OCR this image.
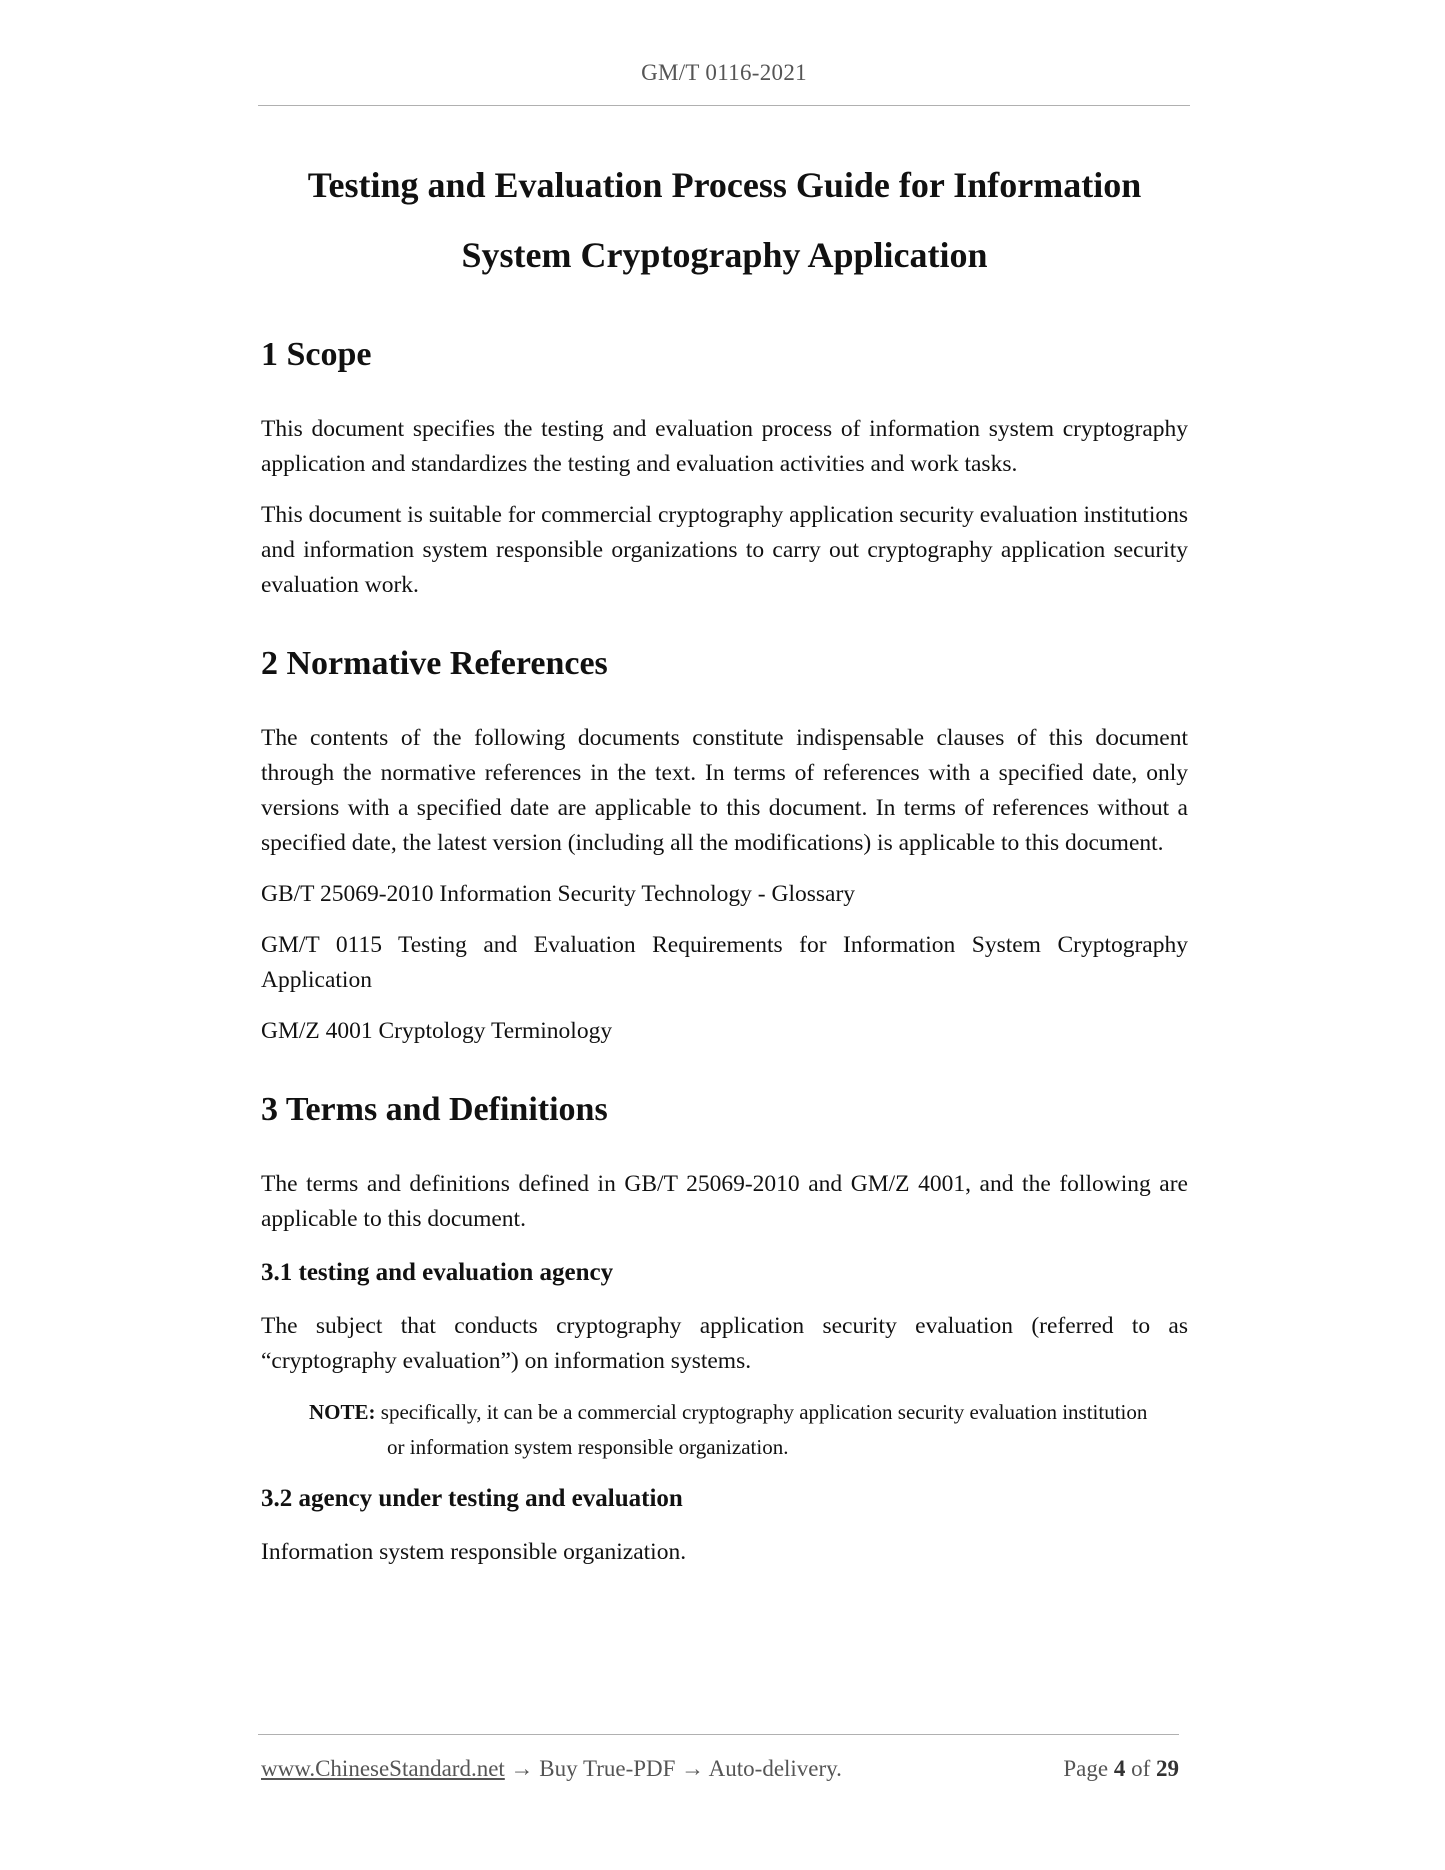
GM/T 0116-2021
Testing and Evaluation Process Guide for Information
System Cryptography Application
1 Scope

This document specifies the testing and evaluation process of information system cryptography application and standardizes the testing and evaluation activities and work tasks.

This document is suitable for commercial cryptography application security evaluation institutions and information system responsible organizations to carry out cryptography application security evaluation work.

2 Normative References

The contents of the following documents constitute indispensable clauses of this document through the normative references in the text. In terms of references with a specified date, only versions with a specified date are applicable to this document. In terms of references without a specified date, the latest version (including all the modifications) is applicable to this document.

GB/T 25069-2010 Information Security Technology - Glossary

GM/T 0115 Testing and Evaluation Requirements for Information System Cryptography Application

GM/Z 4001 Cryptology Terminology

3 Terms and Definitions

The terms and definitions defined in GB/T 25069-2010 and GM/Z 4001, and the following are applicable to this document.

3.1 testing and evaluation agency

The subject that conducts cryptography application security evaluation (referred to as “cryptography evaluation”) on information systems.

NOTE: specifically, it can be a commercial cryptography application security evaluation institution
or information system responsible organization.
3.2 agency under testing and evaluation

Information system responsible organization.

www.ChineseStandard.net → Buy True-PDF → Auto-delivery.	Page 4 of 29
